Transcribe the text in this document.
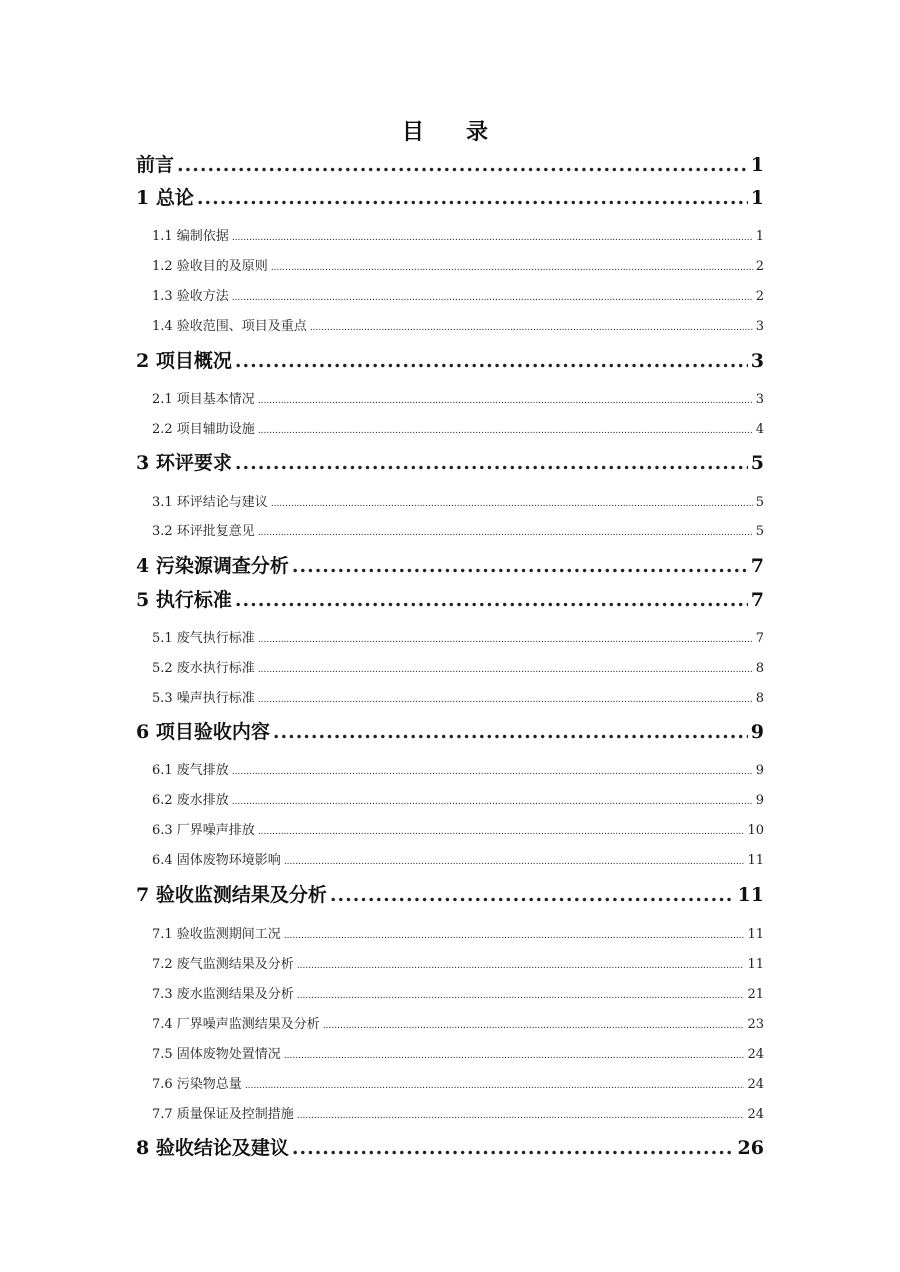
目　录
前言 .....	1
1 总论 .....	1
1.1 编制依据 .....	1
1.2 验收目的及原则 .....	2
1.3 验收方法 .....	2
1.4 验收范围、项目及重点 .....	3
2 项目概况 .....	3
2.1 项目基本情况 .....	3
2.2 项目辅助设施 .....	4
3 环评要求 .....	5
3.1 环评结论与建议 .....	5
3.2 环评批复意见 .....	5
4 污染源调查分析 .....	7
5 执行标准 .....	7
5.1 废气执行标准 .....	7
5.2 废水执行标准 .....	8
5.3 噪声执行标准 .....	8
6 项目验收内容 .....	9
6.1 废气排放 .....	9
6.2 废水排放 .....	9
6.3 厂界噪声排放 .....	10
6.4 固体废物环境影响 .....	11
7 验收监测结果及分析 .....	11
7.1 验收监测期间工况 .....	11
7.2 废气监测结果及分析 .....	11
7.3 废水监测结果及分析 .....	21
7.4 厂界噪声监测结果及分析 .....	23
7.5 固体废物处置情况 .....	24
7.6 污染物总量 .....	24
7.7 质量保证及控制措施 .....	24
8 验收结论及建议 .....	26
